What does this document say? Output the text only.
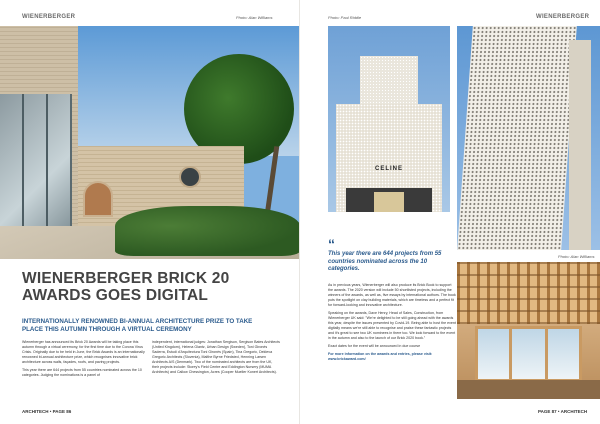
WIENERBERGER	Photo: Alan Williams
WIENERBERGER BRICK 20 AWARDS GOES DIGITAL
INTERNATIONALLY RENOWNED BI-ANNUAL ARCHITECTURE PRIZE TO TAKE PLACE THIS AUTUMN THROUGH A VIRTUAL CEREMONY

Wienerberger has announced its Brick 20 Awards will be taking place this autumn through a virtual ceremony, for the first time due to the Corona Virus Crisis. Originally due to be held in June, the Brick Awards is an internationally renowned bi-annual architecture prize, which recognises innovative brick architecture across walls, façades, roofs, and paving projects.

This year there are 644 projects from 55 countries nominated across the 10 categories. Judging the nominations is a panel of

independent, international judges: Jonathan Sergison, Sergison Bates Architects (United Kingdom), Helena Glantz, Urban Design (Sweden), Toni Gironès Saderra, Estudi d'Arquitectura Toni Gironès (Spain), Tina Gregoric, Dekleva Gregoric Architects (Slovenia), Malthe Byrne Friedsted, Henning Larsen Architects A/S (Denmark). Two of the nominated architects are from the UK, their projects include: Storey's Field Centre and Eddington Nursery (MUMA Architects) and Callow Chessington, Acres (Cooper Mueller Konert Architects).

ARCHITECH • PAGE 86
Photo: Paul Riddle	WIENERBERGER
CELINE
“
This year there are 644 projects from 55 countries nominated across the 10 categories.

As in previous years, Wienerberger will also produce its Brick Book to support the awards. The 2020 version will include 50 shortlisted projects, including the winners of the awards, as well as, five essays by international authors. The book puts the spotlight on clay building materials, which are timeless and a perfect fit for forward-looking and innovative architecture.

Speaking on the awards, Dave Henry, Head of Sales, Construction, from Wienerberger UK said: "We're delighted to be still going ahead with the awards this year, despite the issues presented by Covid-19. Being able to host the event digitally means we're still able to recognise and praise these fantastic projects and it's great to see two UK nominees in there too. We look forward to the event in the autumn and also to the launch of our Brick 2020 book."

Exact dates for the event will be announced in due course

For more information on the awards and entries, please visit: www.brickaward.com/

Photo: Alan Williams
PAGE 87 • ARCHITECH
